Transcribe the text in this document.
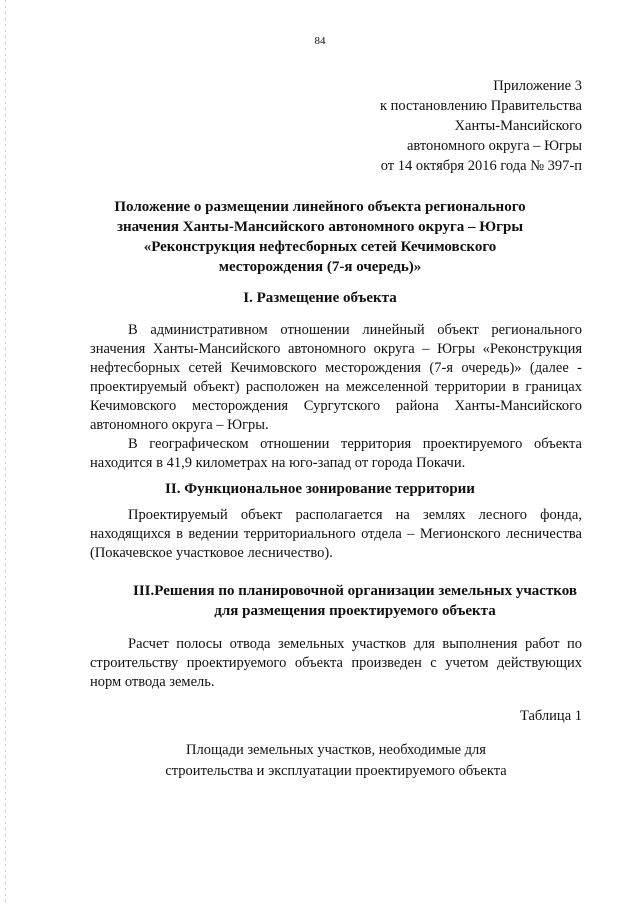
84
Приложение 3
к постановлению Правительства
Ханты-Мансийского
автономного округа – Югры
от 14 октября 2016 года № 397-п
Положение о размещении линейного объекта регионального значения Ханты-Мансийского автономного округа – Югры «Реконструкция нефтесборных сетей Кечимовского месторождения (7-я очередь)»
I. Размещение объекта

В административном отношении линейный объект регионального значения Ханты-Мансийского автономного округа – Югры «Реконструкция нефтесборных сетей Кечимовского месторождения (7-я очередь)» (далее - проектируемый объект) расположен на межселенной территории в границах Кечимовского месторождения Сургутского района Ханты-Мансийского автономного округа – Югры.

В географическом отношении территория проектируемого объекта находится в 41,9 километрах на юго-запад от города Покачи.

II. Функциональное зонирование территории

Проектируемый объект располагается на землях лесного фонда, находящихся в ведении территориального отдела – Мегионского лесничества (Покачевское участковое лесничество).

III.Решения по планировочной организации земельных участков для размещения проектируемого объекта

Расчет полосы отвода земельных участков для выполнения работ по строительству проектируемого объекта произведен с учетом действующих норм отвода земель.

Таблица 1
Площади земельных участков, необходимые для
строительства и эксплуатации проектируемого объекта
